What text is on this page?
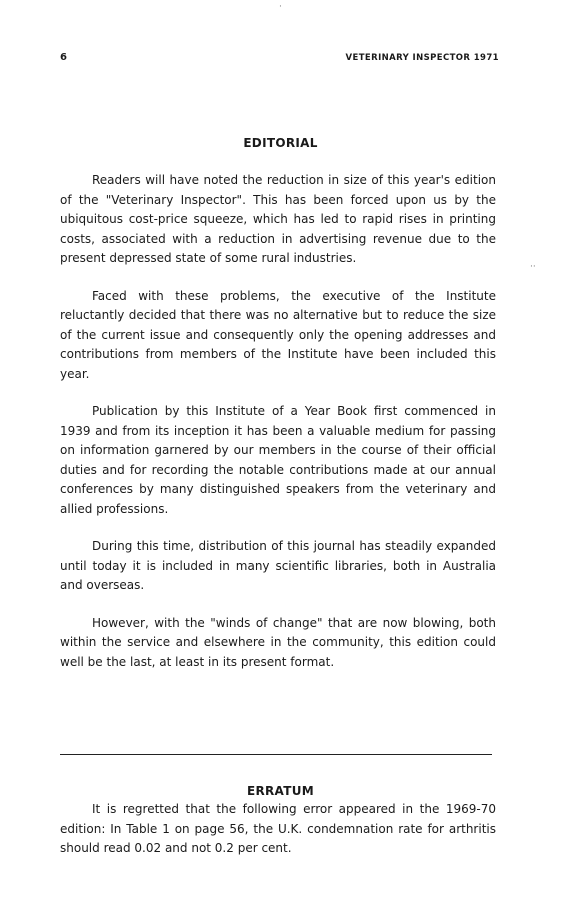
6	VETERINARY INSPECTOR 1971
EDITORIAL

Readers will have noted the reduction in size of this year's edition of the "Veterinary Inspector". This has been forced upon us by the ubiquitous cost-price squeeze, which has led to rapid rises in printing costs, associated with a reduction in advertising revenue due to the present depressed state of some rural industries.

Faced with these problems, the executive of the Institute reluctantly decided that there was no alternative but to reduce the size of the current issue and consequently only the opening addresses and contributions from members of the Institute have been included this year.

Publication by this Institute of a Year Book first commenced in 1939 and from its inception it has been a valuable medium for passing on information garnered by our members in the course of their official duties and for recording the notable contributions made at our annual conferences by many distinguished speakers from the veterinary and allied professions.

During this time, distribution of this journal has steadily expanded until today it is included in many scientific libraries, both in Australia and overseas.

However, with the "winds of change" that are now blowing, both within the service and elsewhere in the community, this edition could well be the last, at least in its present format.

ERRATUM

It is regretted that the following error appeared in the 1969-70 edition: In Table 1 on page 56, the U.K. condemnation rate for arthritis should read 0.02 and not 0.2 per cent.

·
··
